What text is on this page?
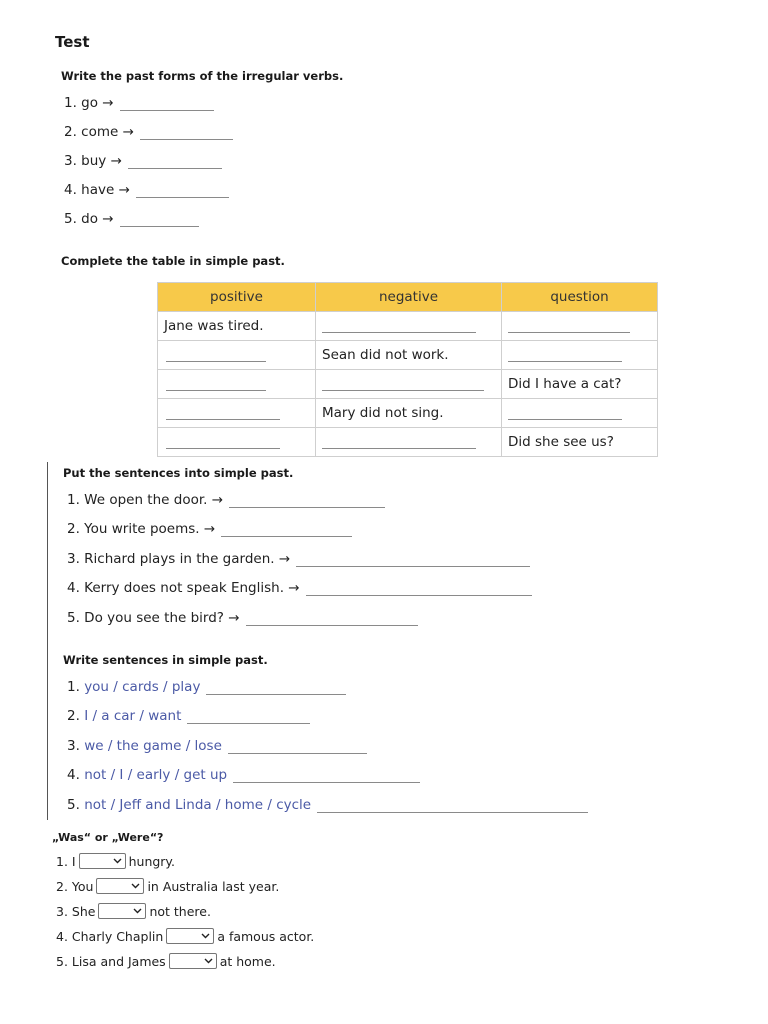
Test
Write the past forms of the irregular verbs.
1. go →
2. come →
3. buy →
4. have →
5. do →
Complete the table in simple past.
positive	negative	question
Jane was tired.		
	Sean did not work.	
		Did I have a cat?
	Mary did not sing.	
		Did she see us?
Put the sentences into simple past.
1. We open the door. →
2. You write poems. →
3. Richard plays in the garden. →
4. Kerry does not speak English. →
5. Do you see the bird? →
Write sentences in simple past.
1.
you / cards / play
2.
I / a car / want
3.
we / the game / lose
4.
not / I / early / get up
5.
not / Jeff and Linda / home / cycle
„Was“ or „Were“?
1. I	hungry.
2. You	in Australia last year.
3. She	not there.
4. Charly Chaplin	a famous actor.
5. Lisa and James	at home.
